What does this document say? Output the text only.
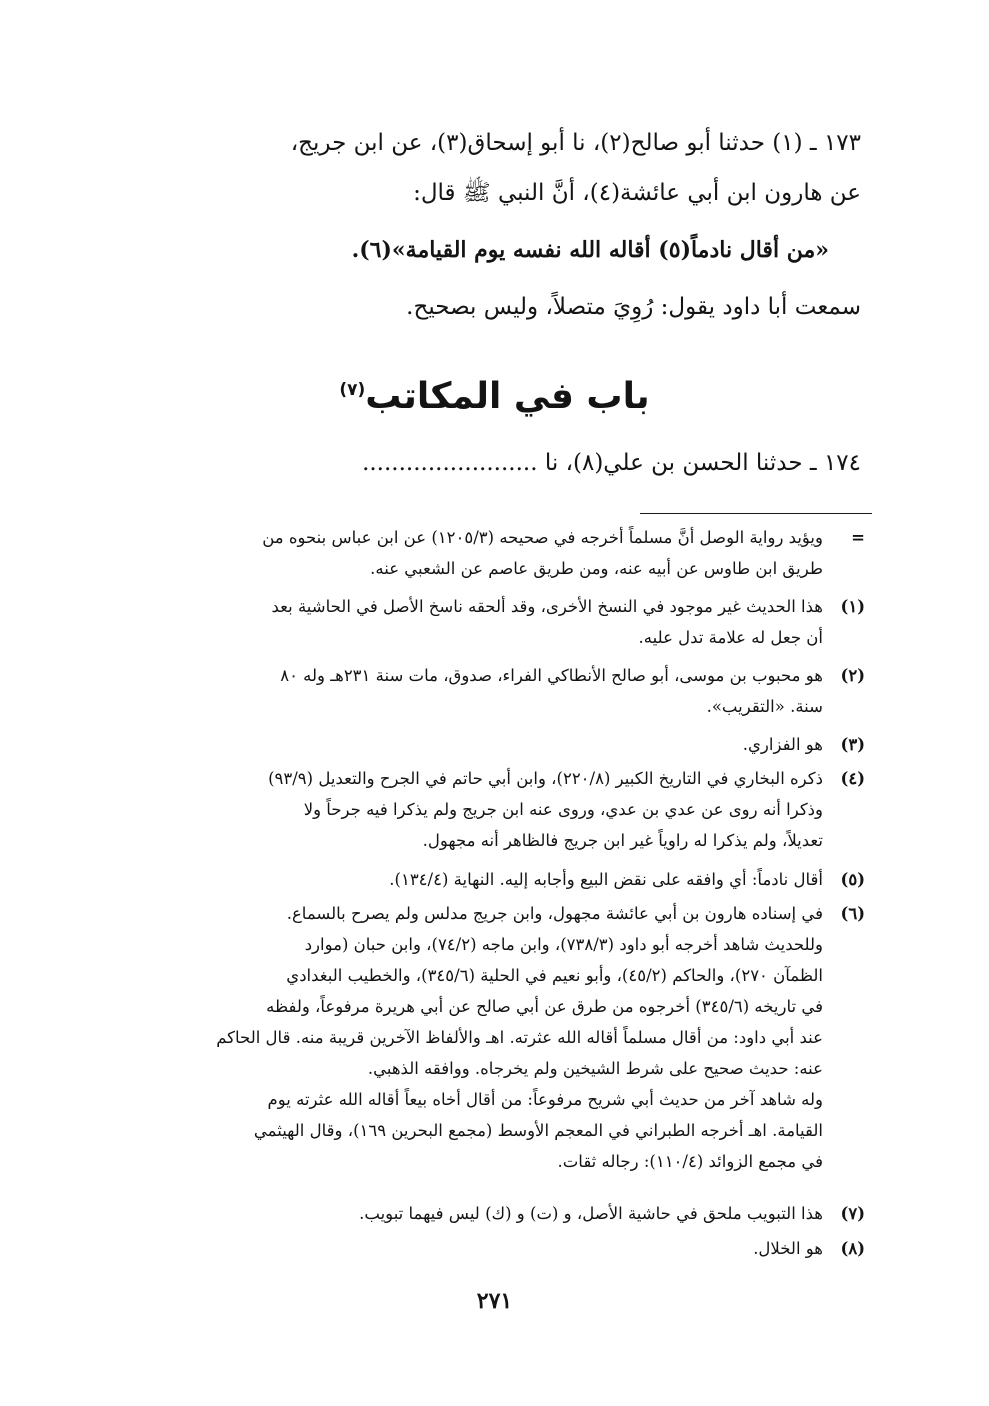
١٧٣ ـ (١) حدثنا أبو صالح(٢)، نا أبو إسحاق(٣)، عن ابن جريج،
عن هارون ابن أبي عائشة(٤)، أنَّ النبي ﷺ قال:
«من أقال نادماً(٥) أقاله الله نفسه يوم القيامة»(٦).
سمعت أبا داود يقول: رُوِيَ متصلاً، وليس بصحيح.
باب في المكاتب$^{(٧)}$
١٧٤ ـ حدثنا الحسن بن علي(٨)، نا ........................
=
ويؤيد رواية الوصل أنَّ مسلماً أخرجه في صحيحه (١٢٠٥/٣) عن ابن عباس بنحوه من
طريق ابن طاوس عن أبيه عنه، ومن طريق عاصم عن الشعبي عنه.
(١)
هذا الحديث غير موجود في النسخ الأخرى، وقد ألحقه ناسخ الأصل في الحاشية بعد
أن جعل له علامة تدل عليه.
(٢)
هو محبوب بن موسى، أبو صالح الأنطاكي الفراء، صدوق، مات سنة ٢٣١هـ وله ٨٠
سنة. «التقريب».
(٣)
هو الفزاري.
(٤)
ذكره البخاري في التاريخ الكبير (٢٢٠/٨)، وابن أبي حاتم في الجرح والتعديل (٩٣/٩)
وذكرا أنه روى عن عدي بن عدي، وروى عنه ابن جريج ولم يذكرا فيه جرحاً ولا
تعديلاً، ولم يذكرا له راوياً غير ابن جريج فالظاهر أنه مجهول.
(٥)
أقال نادماً: أي وافقه على نقض البيع وأجابه إليه. النهاية (١٣٤/٤).
(٦)
في إسناده هارون بن أبي عائشة مجهول، وابن جريج مدلس ولم يصرح بالسماع.
وللحديث شاهد أخرجه أبو داود (٧٣٨/٣)، وابن ماجه (٧٤/٢)، وابن حبان (موارد
الظمآن ٢٧٠)، والحاكم (٤٥/٢)، وأبو نعيم في الحلية (٣٤٥/٦)، والخطيب البغدادي
في تاريخه (٣٤٥/٦) أخرجوه من طرق عن أبي صالح عن أبي هريرة مرفوعاً، ولفظه
عند أبي داود: من أقال مسلماً أقاله الله عثرته. اهـ والألفاظ الآخرين قريبة منه. قال الحاكم
عنه: حديث صحيح على شرط الشيخين ولم يخرجاه. ووافقه الذهبي.
وله شاهد آخر من حديث أبي شريح مرفوعاً: من أقال أخاه بيعاً أقاله الله عثرته يوم
القيامة. اهـ أخرجه الطبراني في المعجم الأوسط (مجمع البحرين ١٦٩)، وقال الهيثمي
في مجمع الزوائد (١١٠/٤): رجاله ثقات.
(٧)
هذا التبويب ملحق في حاشية الأصل، و (ت) و (ك) ليس فيهما تبويب.
(٨)
هو الخلال.
٢٧١
